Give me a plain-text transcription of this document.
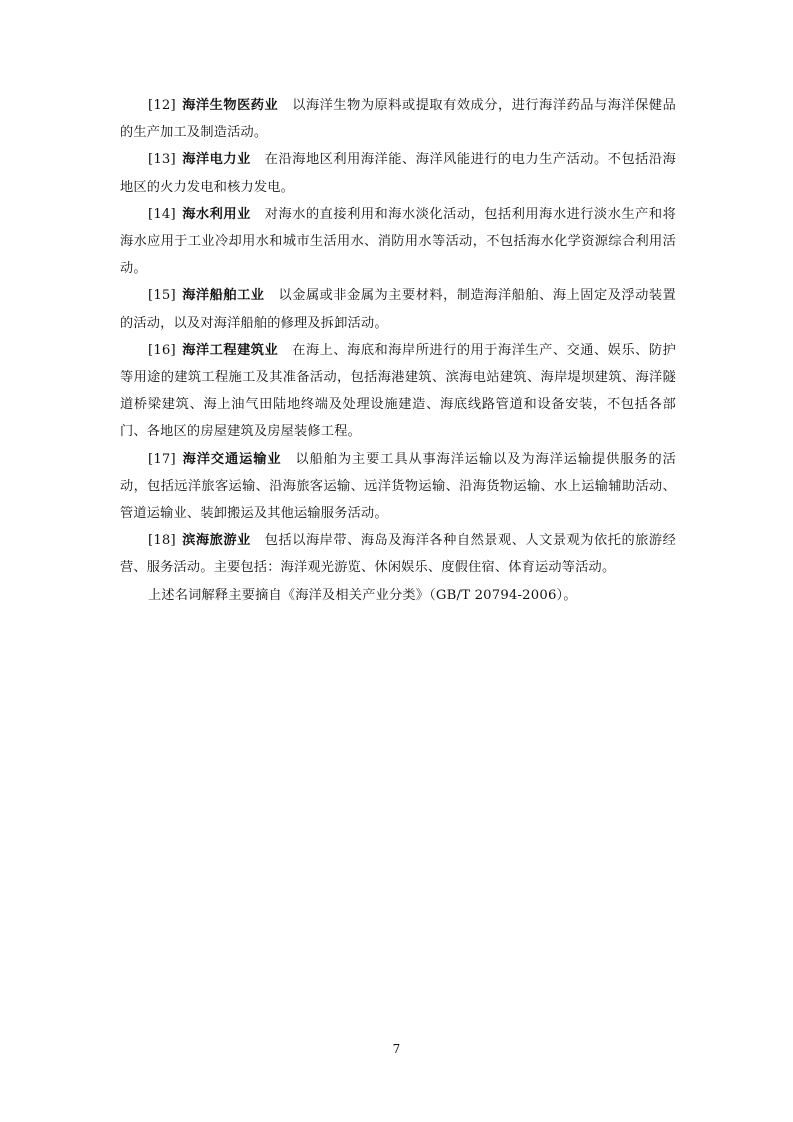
[12] 海洋生物医药业 以海洋生物为原料或提取有效成分，进行海洋药品与海洋保健品的生产加工及制造活动。

[13] 海洋电力业 在沿海地区利用海洋能、海洋风能进行的电力生产活动。不包括沿海地区的火力发电和核力发电。

[14] 海水利用业 对海水的直接利用和海水淡化活动，包括利用海水进行淡水生产和将海水应用于工业冷却用水和城市生活用水、消防用水等活动，不包括海水化学资源综合利用活动。

[15] 海洋船舶工业 以金属或非金属为主要材料，制造海洋船舶、海上固定及浮动装置的活动，以及对海洋船舶的修理及拆卸活动。

[16] 海洋工程建筑业 在海上、海底和海岸所进行的用于海洋生产、交通、娱乐、防护等用途的建筑工程施工及其准备活动，包括海港建筑、滨海电站建筑、海岸堤坝建筑、海洋隧道桥梁建筑、海上油气田陆地终端及处理设施建造、海底线路管道和设备安装，不包括各部门、各地区的房屋建筑及房屋装修工程。

[17] 海洋交通运输业 以船舶为主要工具从事海洋运输以及为海洋运输提供服务的活动，包括远洋旅客运输、沿海旅客运输、远洋货物运输、沿海货物运输、水上运输辅助活动、管道运输业、装卸搬运及其他运输服务活动。

[18] 滨海旅游业 包括以海岸带、海岛及海洋各种自然景观、人文景观为依托的旅游经营、服务活动。主要包括：海洋观光游览、休闲娱乐、度假住宿、体育运动等活动。

上述名词解释主要摘自《海洋及相关产业分类》（GB/T 20794-2006）。

7
